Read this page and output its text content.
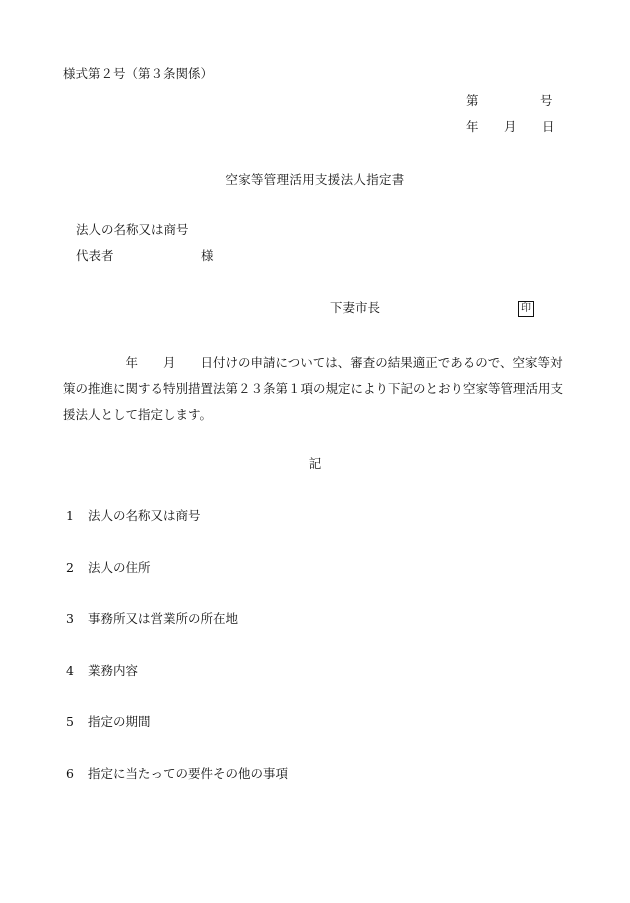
様式第２号（第３条関係）
第	号
年 月 日
空家等管理活用支援法人指定書
法人の名称又は商号
代表者	様
下妻市長	印
　　　　　年　　月　　日付けの申請については、審査の結果適正であるので、空家等対
策の推進に関する特別措置法第２３条第１項の規定により下記のとおり空家等管理活用支
援法人として指定します。
記
1 法人の名称又は商号
2 法人の住所
3 事務所又は営業所の所在地
4 業務内容
5 指定の期間
6 指定に当たっての要件その他の事項
